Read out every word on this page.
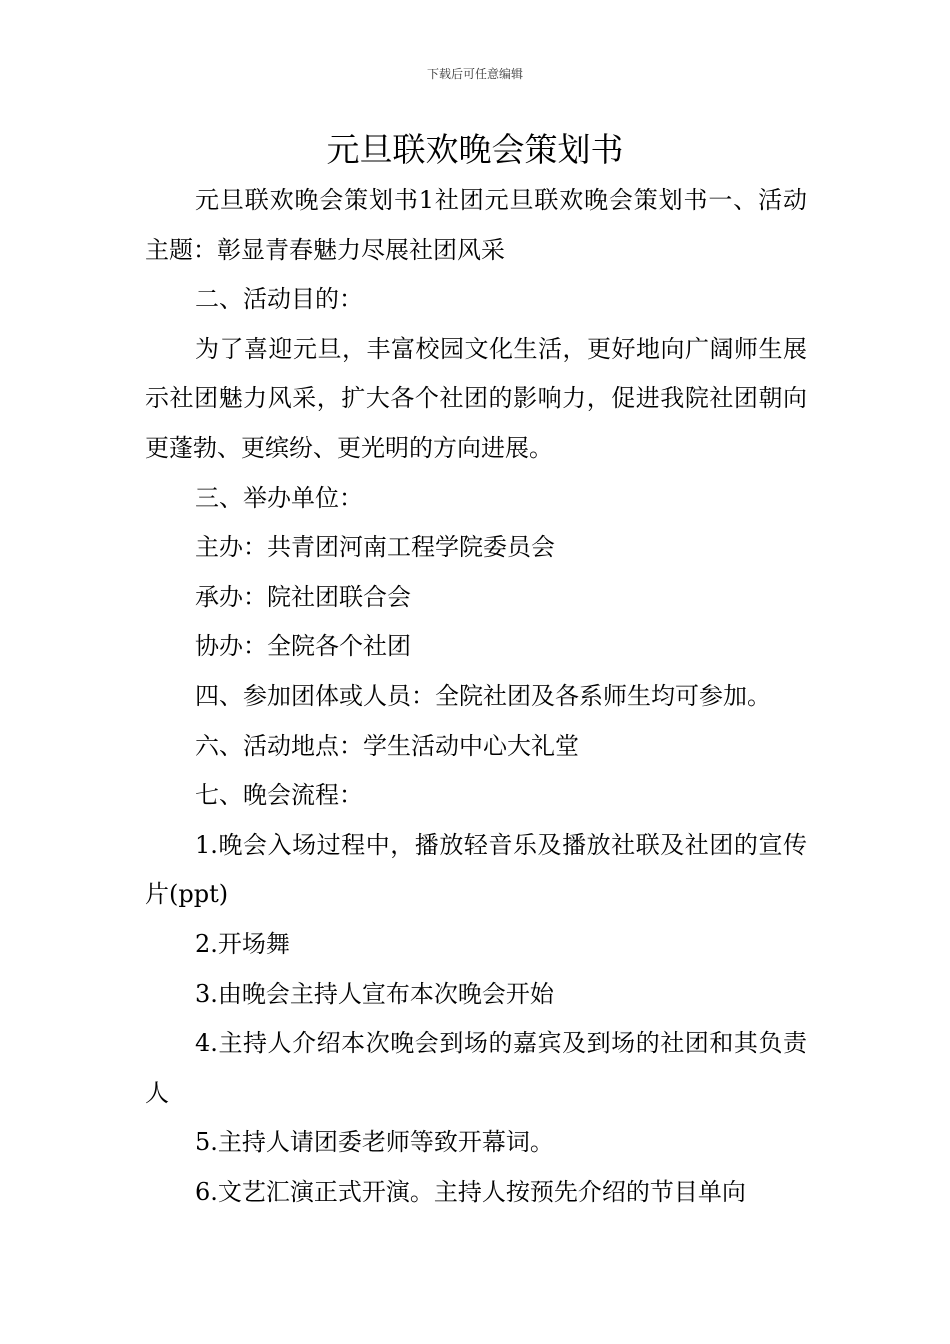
下载后可任意编辑
元旦联欢晚会策划书

元旦联欢晚会策划书1社团元旦联欢晚会策划书一、活动主题：彰显青春魅力尽展社团风采

二、活动目的：

为了喜迎元旦，丰富校园文化生活，更好地向广阔师生展示社团魅力风采，扩大各个社团的影响力，促进我院社团朝向更蓬勃、更缤纷、更光明的方向进展。

三、举办单位：

主办：共青团河南工程学院委员会

承办：院社团联合会

协办：全院各个社团

四、参加团体或人员：全院社团及各系师生均可参加。

六、活动地点：学生活动中心大礼堂

七、晚会流程：

1.晚会入场过程中，播放轻音乐及播放社联及社团的宣传片(ppt)

2.开场舞

3.由晚会主持人宣布本次晚会开始

4.主持人介绍本次晚会到场的嘉宾及到场的社团和其负责人

5.主持人请团委老师等致开幕词。

6.文艺汇演正式开演。主持人按预先介绍的节目单向
